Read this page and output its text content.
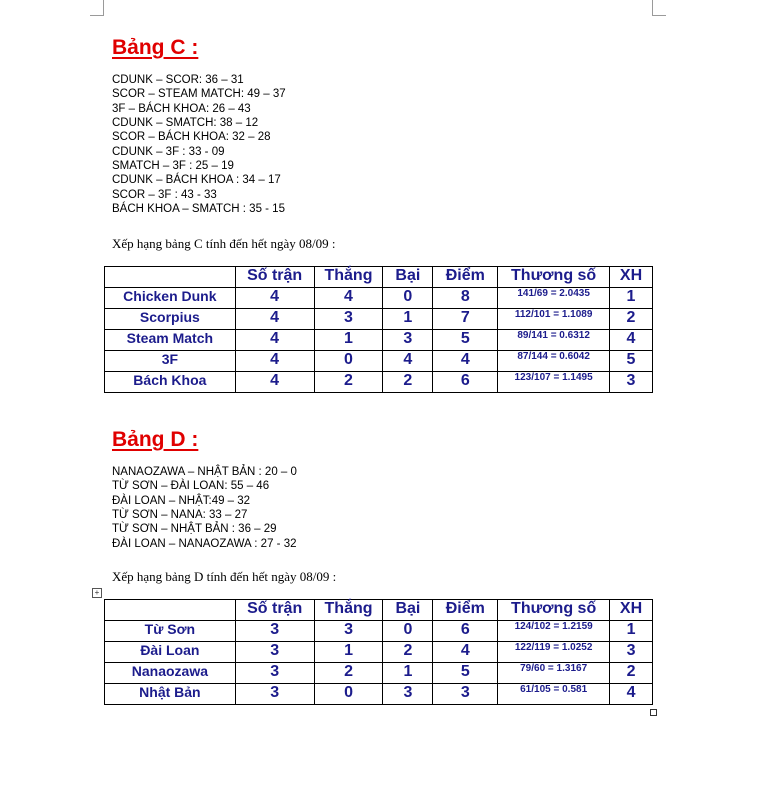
Bảng C :
CDUNK – SCOR: 36 – 31
SCOR – STEAM MATCH: 49 – 37
3F – BÁCH KHOA: 26 – 43
CDUNK – SMATCH: 38 – 12
SCOR – BÁCH KHOA: 32 – 28
CDUNK – 3F : 33 - 09
SMATCH – 3F : 25 – 19
CDUNK – BÁCH KHOA : 34 – 17
SCOR – 3F : 43 - 33
BÁCH KHOA – SMATCH : 35 - 15
Xếp hạng bảng C tính đến hết ngày 08/09 :
	Số trận	Thắng	Bại	Điểm	Thương số	XH
Chicken Dunk	4	4	0	8	141/69 = 2.0435	1
Scorpius	4	3	1	7	112/101 = 1.1089	2
Steam Match	4	1	3	5	89/141 = 0.6312	4
3F	4	0	4	4	87/144 = 0.6042	5
Bách Khoa	4	2	2	6	123/107 = 1.1495	3
Bảng D :
NANAOZAWA – NHẬT BẢN : 20 – 0
TỪ SƠN – ĐÀI LOAN: 55 – 46
ĐÀI LOAN – NHẬT:49 – 32
TỪ SƠN – NANA: 33 – 27
TỪ SƠN – NHẬT BẢN : 36 – 29
ĐÀI LOAN – NANAOZAWA : 27 - 32
Xếp hạng bảng D tính đến hết ngày 08/09 :
+
	Số trận	Thắng	Bại	Điểm	Thương số	XH
Từ Sơn	3	3	0	6	124/102 = 1.2159	1
Đài Loan	3	1	2	4	122/119 = 1.0252	3
Nanaozawa	3	2	1	5	79/60 = 1.3167	2
Nhật Bản	3	0	3	3	61/105 = 0.581	4
